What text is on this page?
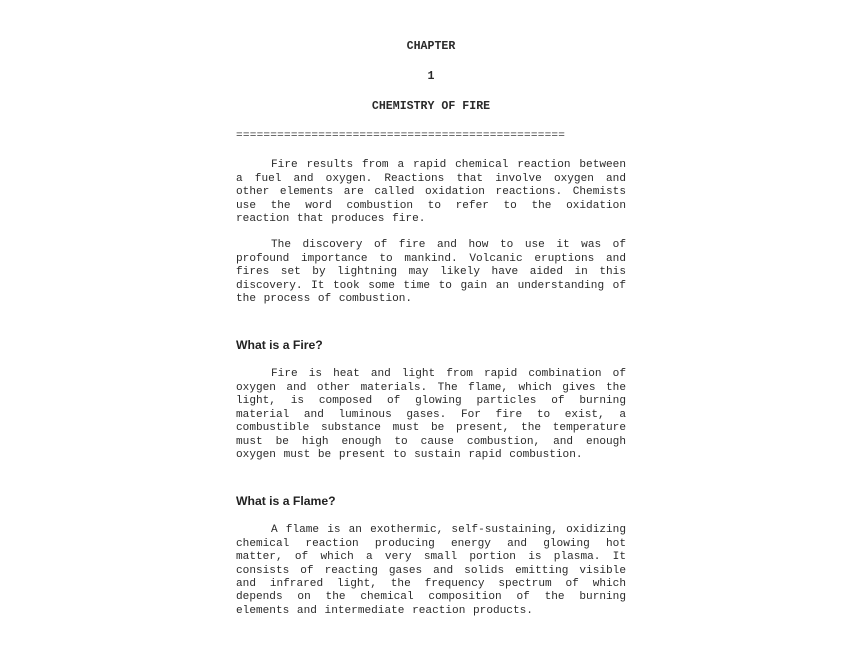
CHAPTER

1

CHEMISTRY OF FIRE

================================================

Fire results from a rapid chemical reaction between a fuel and oxygen. Reactions that involve oxygen and other elements are called oxidation reactions. Chemists use the word combustion to refer to the oxidation reaction that produces fire.

The discovery of fire and how to use it was of profound importance to mankind. Volcanic eruptions and fires set by lightning may likely have aided in this discovery. It took some time to gain an understanding of the process of combustion.

What is a Fire?

Fire is heat and light from rapid combination of oxygen and other materials. The flame, which gives the light, is composed of glowing particles of burning material and luminous gases. For fire to exist, a combustible substance must be present, the temperature must be high enough to cause combustion, and enough oxygen must be present to sustain rapid combustion.

What is a Flame?

A flame is an exothermic, self-sustaining, oxidizing chemical reaction producing energy and glowing hot matter, of which a very small portion is plasma. It consists of reacting gases and solids emitting visible and infrared light, the frequency spectrum of which depends on the chemical composition of the burning elements and intermediate reaction products.
